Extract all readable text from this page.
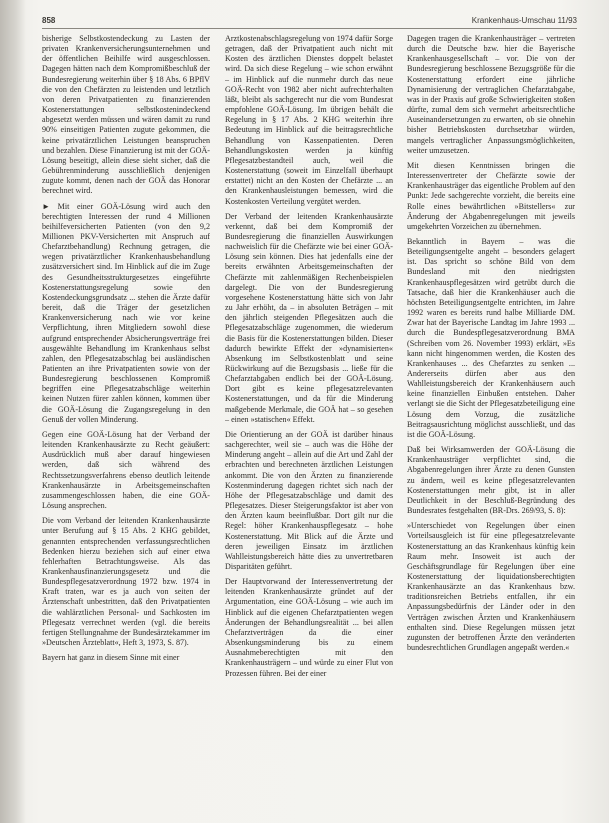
858	Krankenhaus-Umschau 11/93

bisherige Selbstkostendeckung zu Lasten der privaten Krankenversicherungsunternehmen und der öffentlichen Beihilfe wird ausgeschlossen. Dagegen hätten nach dem Kompromißbeschluß der Bundesregierung weiterhin über § 18 Abs. 6 BPflV die von den Chefärzten zu leistenden und letztlich von deren Privatpatienten zu finanzierenden Kostenerstattungen selbstkostenindeckend abgesetzt werden müssen und wären damit zu rund 90% einseitigen Patienten zugute gekommen, die keine privatärztlichen Leistungen beanspruchen und bezahlen. Diese Finanzierung ist mit der GOÄ-Lösung beseitigt, allein diese sieht sicher, daß die Gebührenminderung ausschließlich denjenigen zugute kommt, denen nach der GOÄ das Honorar berechnet wird.

► Mit einer GOÄ-Lösung wird auch den berechtigten Interessen der rund 4 Millionen beihilfeversicherten Patienten (von den 9,2 Millionen PKV-Versicherten mit Anspruch auf Chefarztbehandlung) Rechnung getragen, die wegen privatärztlicher Krankenhausbehandlung zusätzversichert sind. Im Hinblick auf die im Zuge des Gesundheitsstrukturgesetzes eingeführte Kostenerstattungsregelung sowie den Kostendeckungsgrundsatz ... stehen die Ärzte dafür bereit, daß die Träger der gesetzlichen Krankenversicherung nach wie vor keine Verpflichtung, ihren Mitgliedern sowohl diese aufgrund entsprechender Absicherungsverträge frei ausgewählte Behandlung im Krankenhaus selbst zahlen, den Pflegesatzabschlag bei ausländischen Patienten an ihre Privatpatienten sowie von der Bundesregierung beschlossenen Kompromiß begriffen eine Pflegesatzabschläge weiterhin keinen Nutzen fürer zahlen können, kommen über die GOÄ-Lösung die Zugangsregelung in den Genuß der vollen Minderung.

Gegen eine GOÄ-Lösung hat der Verband der leitenden Krankenhausärzte zu Recht geäußert: Ausdrücklich muß aber darauf hingewiesen werden, daß sich während des Rechtssetzungsverfahrens ebenso deutlich leitende Krankenhausärzte in Arbeitsgemeinschaften zusammengeschlossen haben, die eine GOÄ-Lösung ansprechen.

Die vom Verband der leitenden Krankenhausärzte unter Berufung auf § 15 Abs. 2 KHG gebildet, genannten entsprechenden verfassungsrechtlichen Bedenken hierzu beziehen sich auf einer etwa fehlerhaften Betrachtungsweise. Als das Krankenhausfinanzierungsgesetz und die Bundespflegesatzverordnung 1972 bzw. 1974 in Kraft traten, war es ja auch von seiten der Ärztenschaft unbestritten, daß den Privatpatienten die wahlärztlichen Personal- und Sachkosten im Pflegesatz verrechnet werden (vgl. die bereits fertigen Stellungnahme der Bundesärztekammer im »Deutschen Ärzteblatt«, Heft 3, 1973, S. 87).

Bayern hat ganz in diesem Sinne mit einer

Arztkostenabschlagsregelung von 1974 dafür Sorge getragen, daß der Privatpatient auch nicht mit Kosten des ärztlichen Dienstes doppelt belastet wird. Da sich diese Regelung – wie schon erwähnt – im Hinblick auf die nunmehr durch das neue GOÄ-Recht von 1982 aber nicht aufrechterhalten läßt, bleibt als sachgerecht nur die vom Bundesrat empfohlene GOÄ-Lösung. Im übrigen behält die Regelung in § 17 Abs. 2 KHG weiterhin ihre Bedeutung im Hinblick auf die beitragsrechtliche Behandlung von Kassenpatienten. Deren Behandlungskosten werden ja künftig Pflegesatzbestandteil auch, weil die Kostenerstattung (soweit im Einzelfall überhaupt erstattet) nicht an den Kosten der Chefärzte ... an den Krankenhausleistungen bemessen, wird die Kostenkosten Verteilung vergütet werden.

Der Verband der leitenden Krankenhausärzte verkennt, daß bei dem Kompromiß der Bundesregierung die finanziellen Auswirkungen nachweislich für die Chefärzte wie bei einer GOÄ-Lösung sein können. Dies hat jedenfalls eine der bereits erwähnten Arbeitsgemeinschaften der Chefärzte mit zahlenmäßigen Rechenbeispielen dargelegt. Die von der Bundesregierung vorgesehene Kostenerstattung hätte sich von Jahr zu Jahr erhöht, da – in absoluten Beträgen – mit den jährlich steigenden Pflegesätzen auch die Pflegesatzabschläge zugenommen, die wiederum die Basis für die Kostenerstattungen bilden. Dieser dadurch bewirkte Effekt der »dynamisierten« Absenkung im Selbstkostenblatt und seine Rückwirkung auf die Bezugsbasis ... ließe für die Chefarztabgaben endlich bei der GOÄ-Lösung. Dort gibt es keine pflegesatzrelevanten Kostenerstattungen, und da für die Minderung maßgebende Merkmale, die GOÄ hat – so gesehen – einen »statischen« Effekt.

Die Orientierung an der GOÄ ist darüber hinaus sachgerechter, weil sie – auch was die Höhe der Minderung angeht – allein auf die Art und Zahl der erbrachten und berechneten ärztlichen Leistungen ankommt. Die von den Ärzten zu finanzierende Kostenminderung dagegen richtet sich nach der Höhe der Pflegesatzabschläge und damit des Pflegesatzes. Dieser Steigerungsfaktor ist aber von den Ärzten kaum beeinflußbar. Dort gilt nur die Regel: höher Krankenhauspflegesatz – hohe Kostenerstattung. Mit Blick auf die Ärzte und deren jeweiligen Einsatz im ärztlichen Wahlleistungsbereich hätte dies zu unvertretbaren Disparitäten geführt.

Der Hauptvorwand der Interessenvertretung der leitenden Krankenhausärzte gründet auf der Argumentation, eine GOÄ-Lösung – wie auch im Hinblick auf die eigenen Chefarztpatienten wegen Änderungen der Behandlungsrealität ... bei allen Chefarztverträgen da die einer Absenkungsminderung bis zu einem Ausnahmeberechtigten mit den Krankenhausträgern – und würde zu einer Flut von Prozessen führen. Bei der einer

Dagegen tragen die Krankenhausträger – vertreten durch die Deutsche bzw. hier die Bayerische Krankenhausgesellschaft – vor. Die von der Bundesregierung beschlossene Bezugsgröße für die Kostenerstattung erfordert eine jährliche Dynamisierung der vertraglichen Chefarztabgabe, was in der Praxis auf große Schwierigkeiten stoßen dürfte, zumal dem sich vermehrt arbeitsrechtliche Auseinandersetzungen zu erwarten, ob sie ohnehin bisher Betriebskosten durchsetzbar würden, mangels vertraglicher Anpassungsmöglichkeiten, weiter umzusetzen.

Mit diesen Kenntnissen bringen die Interessenvertreter der Chefärzte sowie der Krankenhausträger das eigentliche Problem auf den Punkt: Jede sachgerechte vorzieht, die bereits eine Rolle eines bewährtlichen »Bitstellers« zur Änderung der Abgabenregelungen mit jeweils umgekehrten Vorzeichen zu übernehmen.

Bekanntlich in Bayern – was die Beteiligungsentgelte angeht – besonders gelagert ist. Das spricht so schöne Bild von dem Bundesland mit den niedrigsten Krankenhauspflegesätzen wird getrübt durch die Tatsache, daß hier die Krankenhäuser auch die höchsten Beteiligungsentgelte entrichten, im Jahre 1992 waren es bereits rund halbe Milliarde DM. Zwar hat der Bayerische Landtag im Jahre 1993 ... durch die Bundespflegesatzverordnung BMA (Schreiben vom 26. November 1993) erklärt, »Es kann nicht hingenommen werden, die Kosten des Krankenhauses ... des Chefarztes zu senken ... Andererseits dürfen aber aus den Wahlleistungsbereich der Krankenhäusern auch keine finanziellen Einbußen entstehen. Daher verlangt sie die Sicht der Pflegesatzbeteiligung eine Lösung dem Vorzug, die zusätzliche Beitragsausrichtung möglichst ausschließt, und das ist die GOÄ-Lösung.

Daß bei Wirksamwerden der GOÄ-Lösung die Krankenhausträger verpflichtet sind, die Abgabenregelungen ihrer Ärzte zu denen Gunsten zu ändern, weil es keine pflegesatzrelevanten Kostenerstattungen mehr gibt, ist in aller Deutlichkeit in der Beschluß-Begründung des Bundesrates festgehalten (BR-Drs. 269/93, S. 8):

»Unterschiedet von Regelungen über einen Vorteilsausgleich ist für eine pflegesatzrelevante Kostenerstattung an das Krankenhaus künftig kein Raum mehr. Insoweit ist auch der Geschäftsgrundlage für Regelungen über eine Kostenerstattung der liquidationsberechtigten Krankenhausärzte an das Krankenhaus bzw. traditionsreichen Betriebs entfallen, ihr ein Anpassungsbedürfnis der Länder oder in den Verträgen zwischen Ärzten und Krankenhäusern enthalten sind. Diese Regelungen müssen jetzt zugunsten der betroffenen Ärzte den veränderten bundesrechtlichen Grundlagen angepaßt werden.«
